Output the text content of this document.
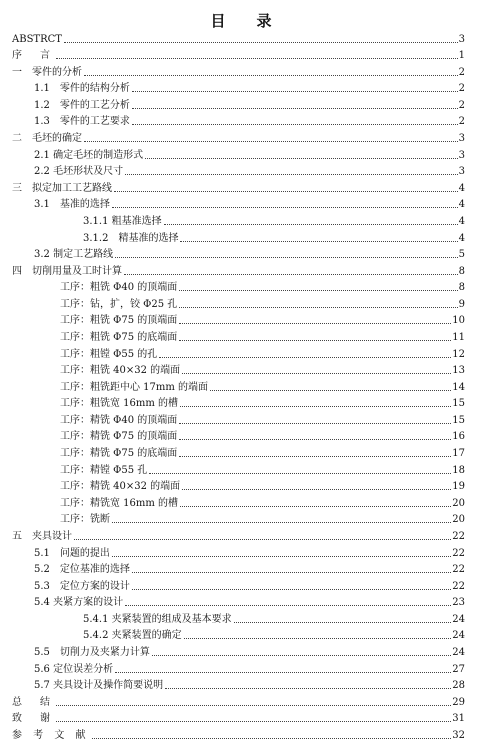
目　录
ABSTRCT	3
序　言	1
一　零件的分析	2
1.1　零件的结构分析	2
1.2　零件的工艺分析	2
1.3　零件的工艺要求	2
二　毛坯的确定	3
2.1 确定毛坯的制造形式	3
2.2 毛坯形状及尺寸	3
三　拟定加工工艺路线	4
3.1　基准的选择	4
3.1.1 粗基准选择	4
3.1.2　精基准的选择	4
3.2 制定工艺路线	5
四　切削用量及工时计算	8
工序：粗铣 Φ40 的顶端面	8
工序：钻，扩，铰 Φ25 孔	9
工序：粗铣 Φ75 的顶端面	10
工序：粗铣 Φ75 的底端面	11
工序：粗镗 Φ55 的孔	12
工序：粗铣 40×32 的端面	13
工序：粗铣距中心 17mm 的端面	14
工序：粗铣宽 16mm 的槽	15
工序：精铣 Φ40 的顶端面	15
工序：精铣 Φ75 的顶端面	16
工序：精铣 Φ75 的底端面	17
工序：精镗 Φ55 孔	18
工序：精铣 40×32 的端面	19
工序：精铣宽 16mm 的槽	20
工序：铣断	20
五　夹具设计	22
5.1　问题的提出	22
5.2　定位基准的选择	22
5.3　定位方案的设计	22
5.4 夹紧方案的设计	23
5.4.1 夹紧装置的组成及基本要求	24
5.4.2 夹紧装置的确定	24
5.5　切削力及夹紧力计算	24
5.6 定位误差分析	27
5.7 夹具设计及操作简要说明	28
总　结	29
致　谢	31
参 考 文 献	32
